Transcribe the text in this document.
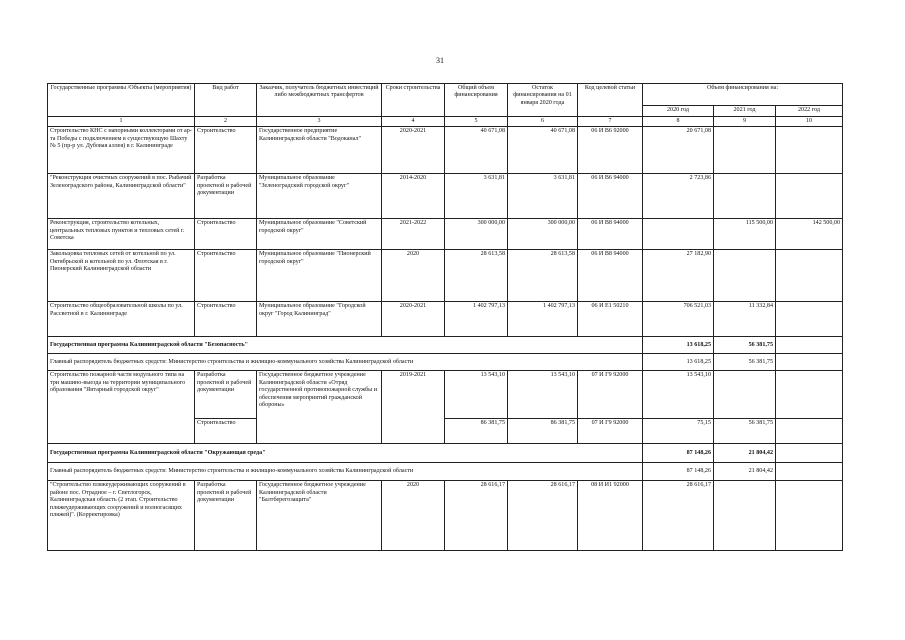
31
Государственные программы /Объекты (мероприятия)	Вид работ	Заказчик, получатель бюджетных инвестиций либо межбюджетных трансфертов	Сроки строительства	Общий объем финансирования	Остаток финансирования на 01 января 2020 года	Код целевой статьи	Объем финансирования на:		
							2020 год	2021 год	2022 год
1	2	3	4	5	6	7	8	9	10
Строительство КНС с напорными коллекторами от ар-та Победы с подключением в существующую Шахту № 5 (пр-р ул. Дубовая аллея) в г. Калининграде	Строительство	Государственное предприятие Калининградской области "Водоканал"	2020-2021	40 671,08	40 671,08	06 И В6 92000	20 671,08		
"Реконструкция очистных сооружений в пос. Рыбачий Зеленоградского района, Калининградской области"	Разработка проектной и рабочей документации	Муниципальное образование "Зеленоградский городской округ"	2014-2020	3 631,81	3 631,81	06 И В6 94000	2 723,86		
Реконструкция, строительство котельных, центральных тепловых пунктов и тепловых сетей г. Советска	Строительство	Муниципальное образование "Советский городской округ"	2021-2022	300 000,00	300 000,00	06 И В8 94000		115 500,00	142 500,00
Закольцовка тепловых сетей от котельной по ул. Октябрьской и котельной по ул. Флотская в г. Пионерский Калининградской области	Строительство	Муниципальное образование "Пионерский городской округ"	2020	28 613,58	28 613,58	06 И В8 94000	27 182,90		
Строительство общеобразовательной школы по ул. Рассветной в г. Калининграде	Строительство	Муниципальное образование "Городской округ "Город Калининград"	2020-2021	1 402 797,13	1 402 797,13	06 И Е1 50210	706 521,03	11 332,84	
Государственная программа Калининградской области "Безопасность"							13 618,25	56 381,75	
Главный распорядитель бюджетных средств: Министерство строительства и жилищно-коммунального хозяйства Калининградской области							13 618,25	56 381,75	
Строительство пожарной части модульного типа на три машино-выезда на территории муниципального образования "Янтарный городской округ"	Разработка проектной и рабочей документации	Государственное бюджетное учреждение Калининградской области «Отряд государственной противопожарной службы и обеспечения мероприятий гражданской обороны»	2019-2021	13 543,10	13 543,10	07 И Г9 92000	13 543,10		
	Строительство			86 381,75	86 381,75	07 И Г9 92000	75,15	56 381,75	
Государственная программа Калининградской области "Окружающая среда"							87 148,26	21 804,42	
Главный распорядитель бюджетных средств: Министерство строительства и жилищно-коммунального хозяйства Калининградской области							87 148,26	21 804,42	
"Строительство пляжеудерживающих сооружений в районе пос. Отрадное – г. Светлогорск, Калининградская область (2 этап. Строительство пляжеудерживающих сооружений и волногасящих пляжей)". (Корректировка)	Разработка проектной и рабочей документации	Государственное бюджетное учреждение Калининградской области "Балтберегозащита"	2020	28 616,17	28 616,17	08 И И1 92000	28 616,17		
